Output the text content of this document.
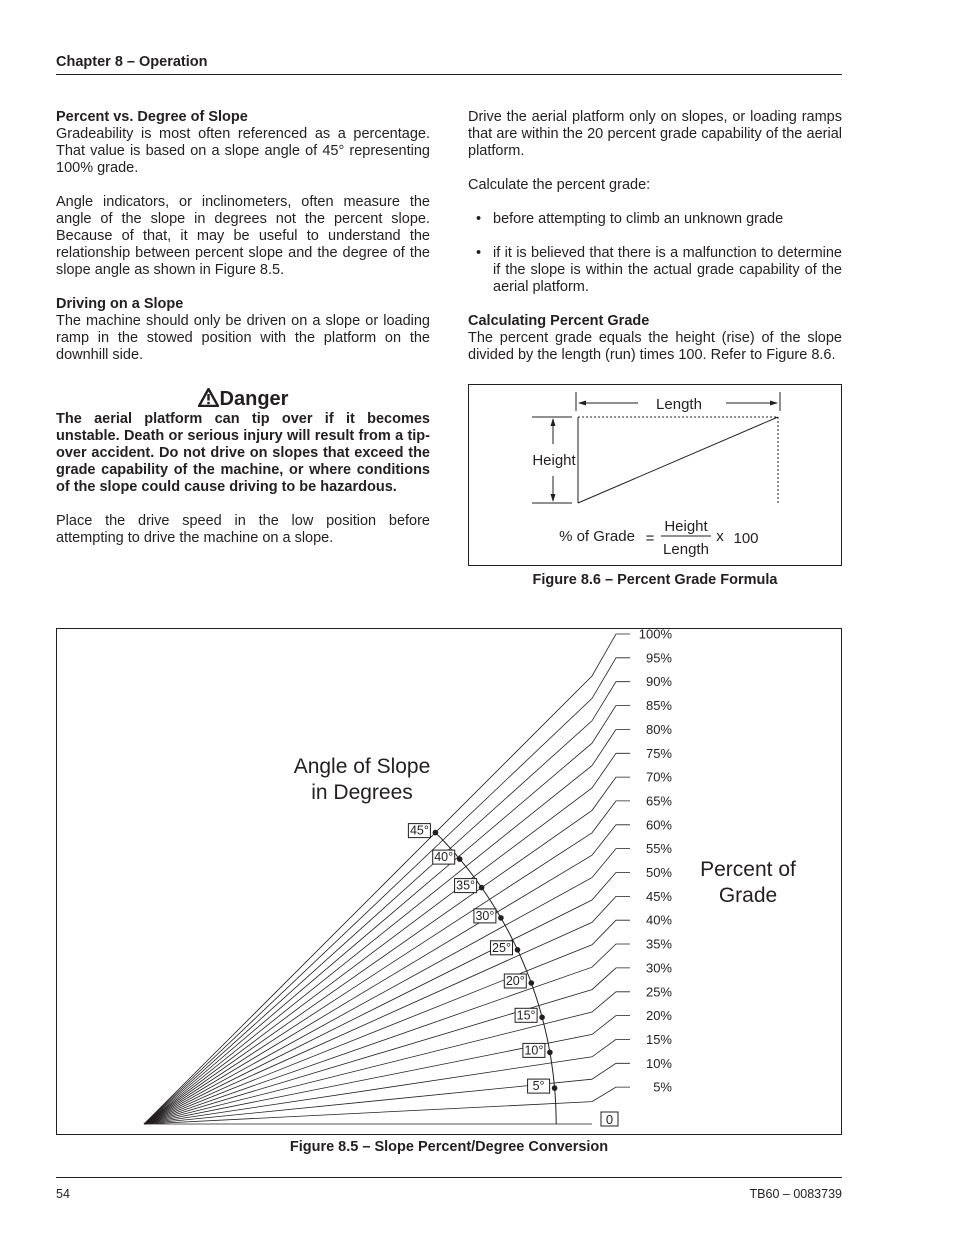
Chapter 8 – Operation

Percent vs. Degree of Slope

Gradeability is most often referenced as a percentage. That value is based on a slope angle of 45° representing 100% grade.

Angle indicators, or inclinometers, often measure the angle of the slope in degrees not the percent slope. Because of that, it may be useful to understand the relationship between percent slope and the degree of the slope angle as shown in Figure 8.5.

Driving on a Slope

The machine should only be driven on a slope or loading ramp in the stowed position with the platform on the downhill side.

Danger

The aerial platform can tip over if it becomes unstable. Death or serious injury will result from a tip-over accident. Do not drive on slopes that exceed the grade capability of the machine, or where conditions of the slope could cause driving to be hazardous.

Place the drive speed in the low position before attempting to drive the machine on a slope.

Drive the aerial platform only on slopes, or loading ramps that are within the 20 percent grade capability of the aerial platform.

Calculate the percent grade:

• before attempting to climb an unknown grade
• if it is believed that there is a malfunction to determine if the slope is within the actual grade capability of the aerial platform.

Calculating Percent Grade

The percent grade equals the height (rise) of the slope divided by the length (run) times 100. Refer to Figure 8.6.

Length
Height
% of Grade =
Height
Length
x 100
Figure 8.6 – Percent Grade Formula
5%
10%
15%
20%
25%
30%
35%
40%
45%
50%
55%
60%
65%
70%
75%
80%
85%
90%
95%
100%
0
5°
10°
15°
20°
25°
30°
35°
40°
45°
Angle of Slope
in Degrees
Percent of
Grade
Figure 8.5 – Slope Percent/Degree Conversion
54	TB60 – 0083739
